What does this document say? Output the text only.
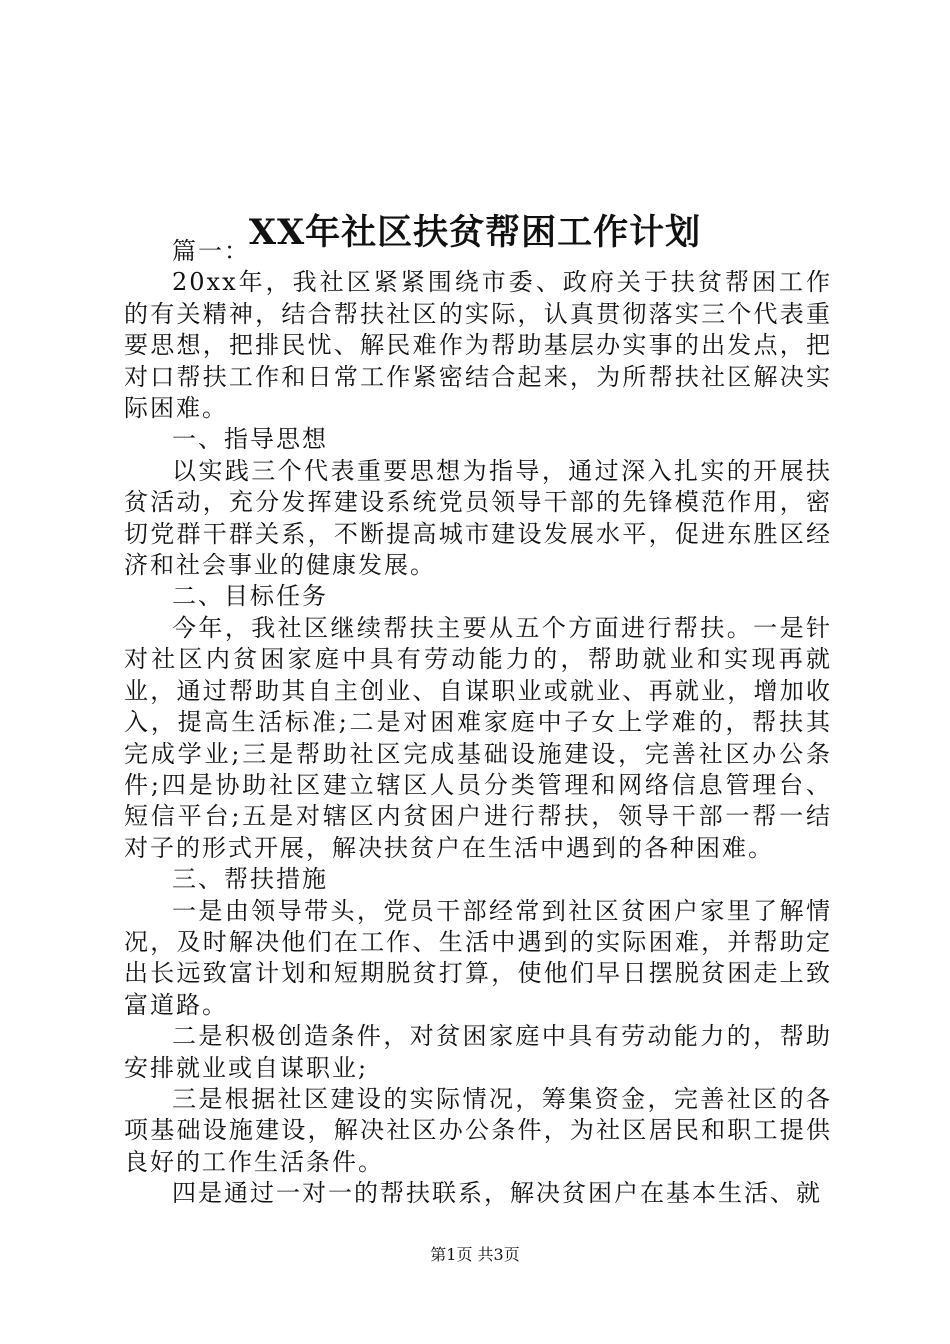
XX年社区扶贫帮困工作计划

篇一：

20xx年，我社区紧紧围绕市委、政府关于扶贫帮困工作的有关精神，结合帮扶社区的实际，认真贯彻落实三个代表重要思想，把排民忧、解民难作为帮助基层办实事的出发点，把对口帮扶工作和日常工作紧密结合起来，为所帮扶社区解决实际困难。

一、指导思想

以实践三个代表重要思想为指导，通过深入扎实的开展扶贫活动，充分发挥建设系统党员领导干部的先锋模范作用，密切党群干群关系，不断提高城市建设发展水平，促进东胜区经济和社会事业的健康发展。

二、目标任务

今年，我社区继续帮扶主要从五个方面进行帮扶。一是针对社区内贫困家庭中具有劳动能力的，帮助就业和实现再就业，通过帮助其自主创业、自谋职业或就业、再就业，增加收入，提高生活标准;二是对困难家庭中子女上学难的，帮扶其完成学业;三是帮助社区完成基础设施建设，完善社区办公条件;四是协助社区建立辖区人员分类管理和网络信息管理台、短信平台;五是对辖区内贫困户进行帮扶，领导干部一帮一结对子的形式开展，解决扶贫户在生活中遇到的各种困难。

三、帮扶措施

一是由领导带头，党员干部经常到社区贫困户家里了解情况，及时解决他们在工作、生活中遇到的实际困难，并帮助定出长远致富计划和短期脱贫打算，使他们早日摆脱贫困走上致富道路。

二是积极创造条件，对贫困家庭中具有劳动能力的，帮助安排就业或自谋职业;

三是根据社区建设的实际情况，筹集资金，完善社区的各项基础设施建设，解决社区办公条件，为社区居民和职工提供良好的工作生活条件。

四是通过一对一的帮扶联系，解决贫困户在基本生活、就

第1页 共3页
